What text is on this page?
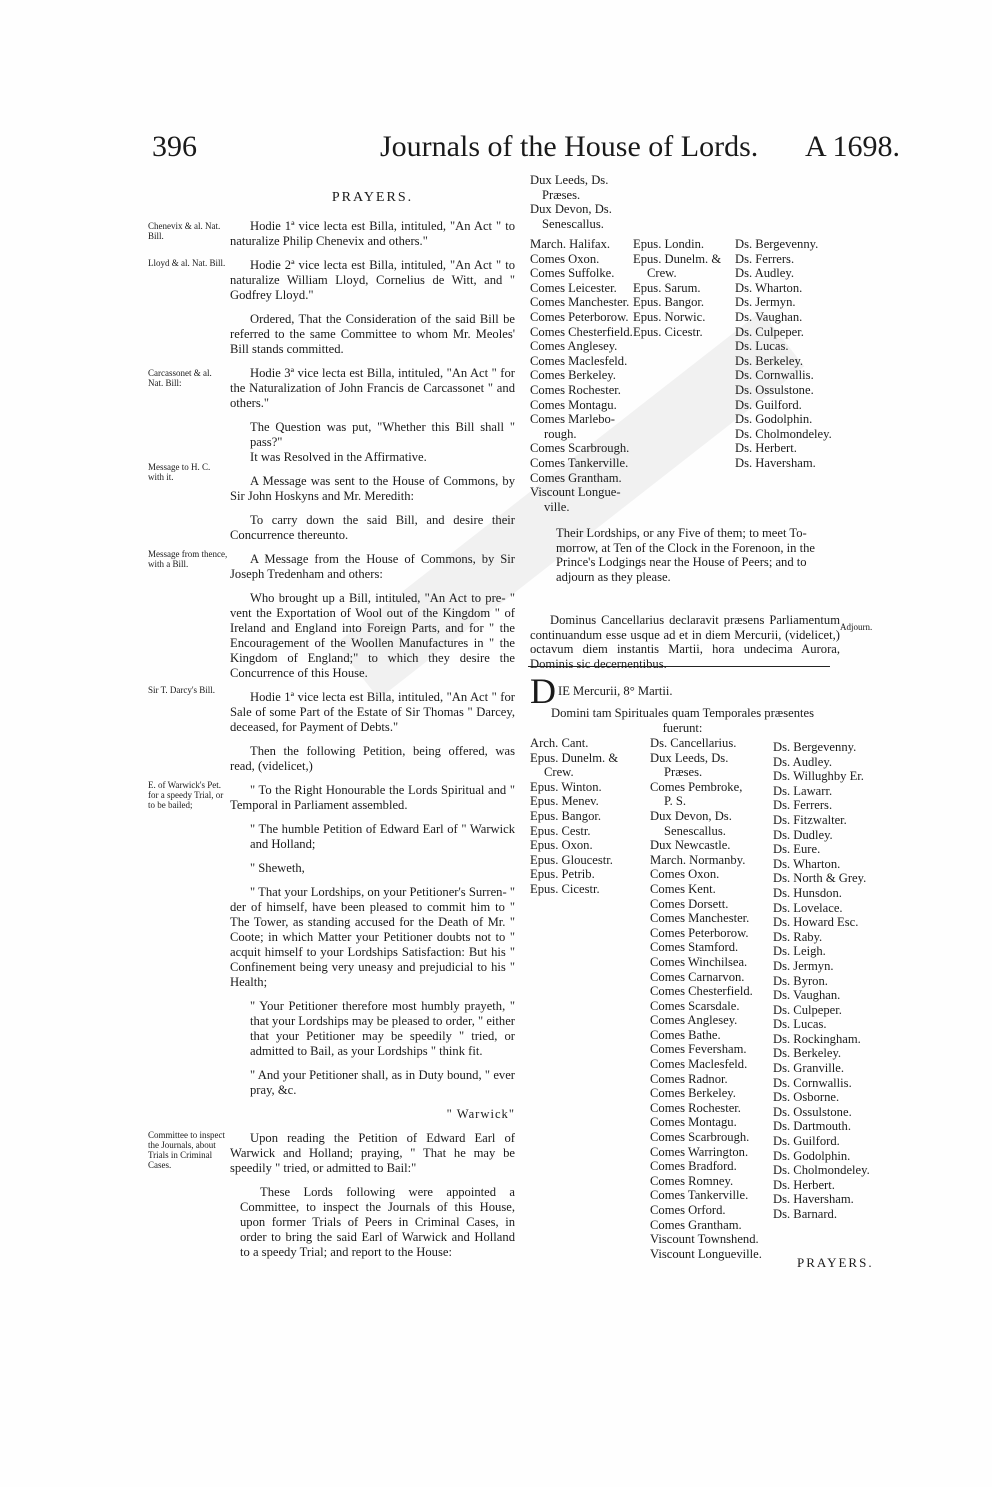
396	Journals of the House of Lords. A 1698.
Chenevix & al. Nat. Bill.
Lloyd & al. Nat. Bill.
Carcassonet & al. Nat. Bill:
Message to H. C. with it.
Message from thence, with a Bill.
Sir T. Darcy's Bill.
E. of Warwick's Pet. for a speedy Trial, or to be bailed;
Committee to inspect the Journals, about Trials in Criminal Cases.
Adjourn.

PRAYERS.

Hodie 1ª vice lecta est Billa, intituled, "An Act " to naturalize Philip Chenevix and others."

Hodie 2ª vice lecta est Billa, intituled, "An Act " to naturalize William Lloyd, Cornelius de Witt, and " Godfrey Lloyd."

Ordered, That the Consideration of the said Bill be referred to the same Committee to whom Mr. Meoles' Bill stands committed.

Hodie 3ª vice lecta est Billa, intituled, "An Act " for the Naturalization of John Francis de Carcassonet " and others."

The Question was put, "Whether this Bill shall " pass?"

It was Resolved in the Affirmative.

A Message was sent to the House of Commons, by Sir John Hoskyns and Mr. Meredith:

To carry down the said Bill, and desire their Concurrence thereunto.

A Message from the House of Commons, by Sir Joseph Tredenham and others:

Who brought up a Bill, intituled, "An Act to pre- " vent the Exportation of Wool out of the Kingdom " of Ireland and England into Foreign Parts, and for " the Encouragement of the Woollen Manufactures in " the Kingdom of England;" to which they desire the Concurrence of this House.

Hodie 1ª vice lecta est Billa, intituled, "An Act " for Sale of some Part of the Estate of Sir Thomas " Darcey, deceased, for Payment of Debts."

Then the following Petition, being offered, was read, (videlicet,)

" To the Right Honourable the Lords Spiritual and " Temporal in Parliament assembled.

" The humble Petition of Edward Earl of " Warwick and Holland;

" Sheweth,

" That your Lordships, on your Petitioner's Surren- " der of himself, have been pleased to commit him to " The Tower, as standing accused for the Death of Mr. " Coote; in which Matter your Petitioner doubts not to " acquit himself to your Lordships Satisfaction: But his " Confinement being very uneasy and prejudicial to his " Health;

" Your Petitioner therefore most humbly prayeth, " that your Lordships may be pleased to order, " either that your Petitioner may be speedily " tried, or admitted to Bail, as your Lordships " think fit.

" And your Petitioner shall, as in Duty bound, " ever pray, &c.

" Warwick"

Upon reading the Petition of Edward Earl of Warwick and Holland; praying, " That he may be speedily " tried, or admitted to Bail:"

These Lords following were appointed a Committee, to inspect the Journals of this House, upon former Trials of Peers in Criminal Cases, in order to bring the said Earl of Warwick and Holland to a speedy Trial; and report to the House:

Dux Leeds, Ds.
Præses.
Dux Devon, Ds.
Senescallus.
March. Halifax.
Comes Oxon.
Comes Suffolke.
Comes Leicester.
Comes Manchester.
Comes Peterborow.
Comes Chesterfield.
Comes Anglesey.
Comes Maclesfeld.
Comes Berkeley.
Comes Rochester.
Comes Montagu.
Comes Marlebo-
rough.
Comes Scarbrough.
Comes Tankerville.
Comes Grantham.
Viscount Longue-
ville.
Epus. Londin.
Epus. Dunelm. &
Crew.
Epus. Sarum.
Epus. Bangor.
Epus. Norwic.
Epus. Cicestr.
Ds. Bergevenny.
Ds. Ferrers.
Ds. Audley.
Ds. Wharton.
Ds. Jermyn.
Ds. Vaughan.
Ds. Culpeper.
Ds. Lucas.
Ds. Berkeley.
Ds. Cornwallis.
Ds. Ossulstone.
Ds. Guilford.
Ds. Godolphin.
Ds. Cholmondeley.
Ds. Herbert.
Ds. Haversham.
Their Lordships, or any Five of them; to meet To-morrow, at Ten of the Clock in the Forenoon, in the Prince's Lodgings near the House of Peers; and to adjourn as they please.
Dominus Cancellarius declaravit præsens Parliamentum continuandum esse usque ad et in diem Mercurii, (videlicet,) octavum diem instantis Martii, hora undecima Aurora, Dominis sic decernentibus.
D IE Mercurii, 8° Martii.
Domini tam Spirituales quam Temporales præsentes fuerunt:
Arch. Cant.
Epus. Dunelm. &
Crew.
Epus. Winton.
Epus. Menev.
Epus. Bangor.
Epus. Cestr.
Epus. Oxon.
Epus. Gloucestr.
Epus. Petrib.
Epus. Cicestr.
Ds. Cancellarius.
Dux Leeds, Ds.
Præses.
Comes Pembroke,
P. S.
Dux Devon, Ds.
Senescallus.
Dux Newcastle.
March. Normanby.
Comes Oxon.
Comes Kent.
Comes Dorsett.
Comes Manchester.
Comes Peterborow.
Comes Stamford.
Comes Winchilsea.
Comes Carnarvon.
Comes Chesterfield.
Comes Scarsdale.
Comes Anglesey.
Comes Bathe.
Comes Feversham.
Comes Maclesfeld.
Comes Radnor.
Comes Berkeley.
Comes Rochester.
Comes Montagu.
Comes Scarbrough.
Comes Warrington.
Comes Bradford.
Comes Romney.
Comes Tankerville.
Comes Orford.
Comes Grantham.
Viscount Townshend.
Viscount Longueville.
Ds. Bergevenny.
Ds. Audley.
Ds. Willughby Er.
Ds. Lawarr.
Ds. Ferrers.
Ds. Fitzwalter.
Ds. Dudley.
Ds. Eure.
Ds. Wharton.
Ds. North & Grey.
Ds. Hunsdon.
Ds. Lovelace.
Ds. Howard Esc.
Ds. Raby.
Ds. Leigh.
Ds. Jermyn.
Ds. Byron.
Ds. Vaughan.
Ds. Culpeper.
Ds. Lucas.
Ds. Rockingham.
Ds. Berkeley.
Ds. Granville.
Ds. Cornwallis.
Ds. Osborne.
Ds. Ossulstone.
Ds. Dartmouth.
Ds. Guilford.
Ds. Godolphin.
Ds. Cholmondeley.
Ds. Herbert.
Ds. Haversham.
Ds. Barnard.
PRAYERS.
